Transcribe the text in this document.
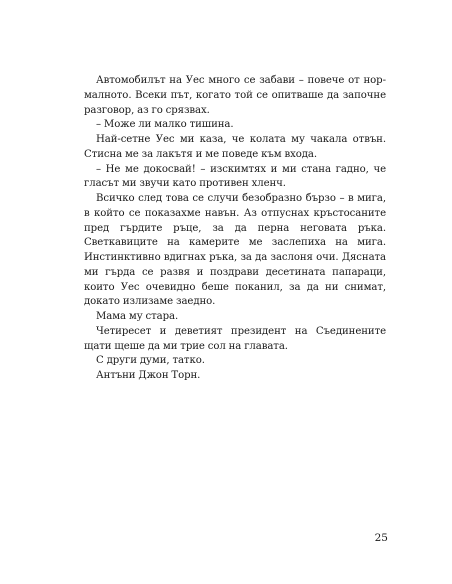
Автомобилът на Уес много се забави – повече от нормалното. Всеки път, когато той се опитваше да започне разговор, аз го срязвах.

– Може ли малко тишина.

Най-сетне Уес ми каза, че колата му чакала отвън. Стисна ме за лакътя и ме поведе към входа.

– Не ме докосвай! – изскимтях и ми стана гадно, че гласът ми звучи като противен хленч.

Всичко след това се случи безобразно бързо – в мига, в който се показахме навън. Аз отпуснах кръстосаните пред гърдите ръце, за да перна неговата ръка. Светкавиците на камерите ме заслепиха на мига. Инстинктивно вдигнах ръка, за да заслоня очи. Дясната ми гърда се развя и поздрави десетината папараци, които Уес очевидно беше поканил, за да ни снимат, докато излизаме заедно.

Мама му стара.

Четиресет и деветият президент на Съединените щати щеше да ми трие сол на главата.

С други думи, татко.

Антъни Джон Торн.

25
